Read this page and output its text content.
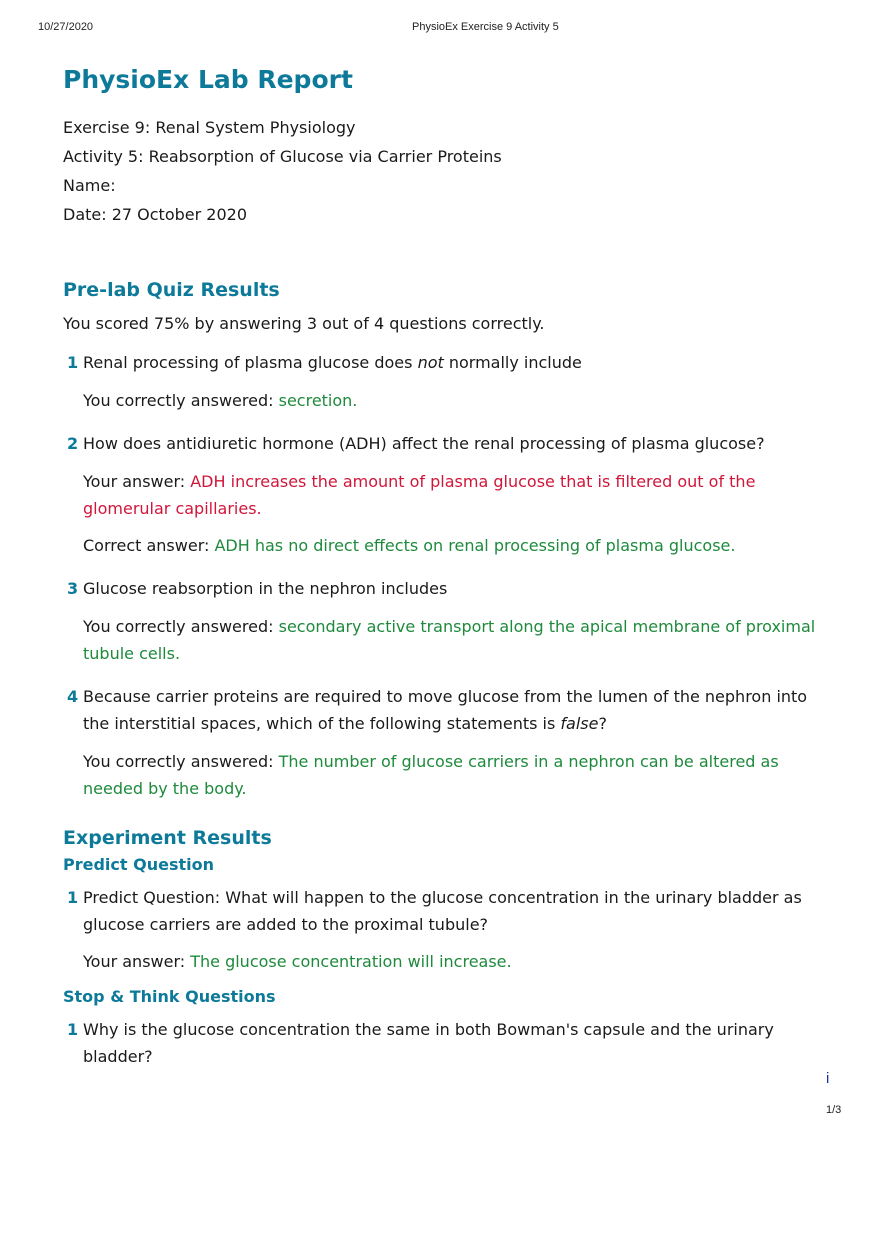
10/27/2020	PhysioEx Exercise 9 Activity 5
PhysioEx Lab Report
Exercise 9: Renal System Physiology
Activity 5: Reabsorption of Glucose via Carrier Proteins
Name:
Date: 27 October 2020
Pre-lab Quiz Results
You scored 75% by answering 3 out of 4 questions correctly.
1 Renal processing of plasma glucose does not normally include
You correctly answered: secretion.
2 How does antidiuretic hormone (ADH) affect the renal processing of plasma glucose?
Your answer: ADH increases the amount of plasma glucose that is filtered out of the glomerular capillaries.
Correct answer: ADH has no direct effects on renal processing of plasma glucose.
3 Glucose reabsorption in the nephron includes
You correctly answered: secondary active transport along the apical membrane of proximal tubule cells.
4 Because carrier proteins are required to move glucose from the lumen of the nephron into the interstitial spaces, which of the following statements is false?
You correctly answered: The number of glucose carriers in a nephron can be altered as needed by the body.
Experiment Results
Predict Question
1 Predict Question: What will happen to the glucose concentration in the urinary bladder as glucose carriers are added to the proximal tubule?
Your answer: The glucose concentration will increase.
Stop & Think Questions
1 Why is the glucose concentration the same in both Bowman's capsule and the urinary bladder?
i
1/3
